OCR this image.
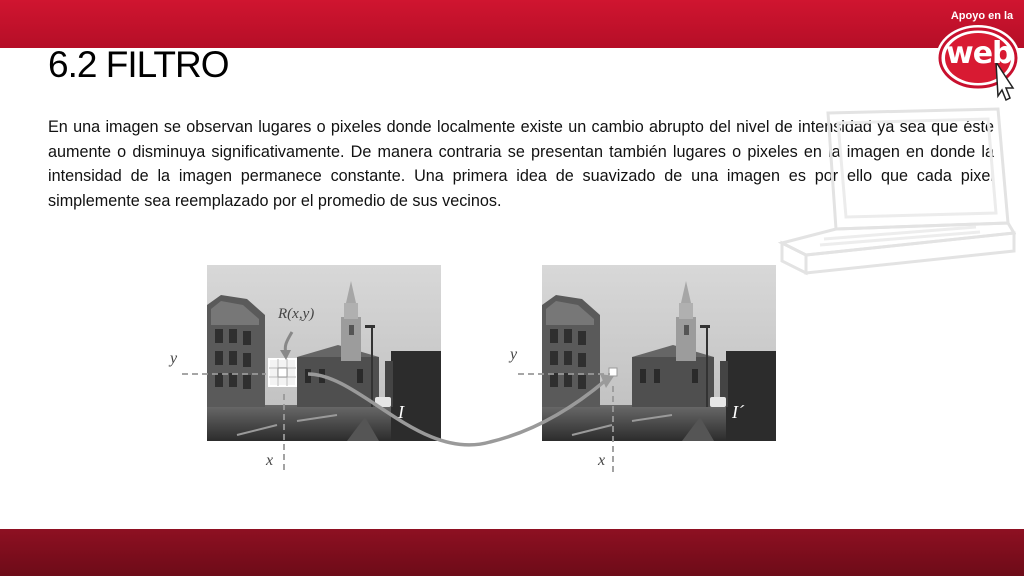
6.2 FILTRO

En una imagen se observan lugares o pixeles donde localmente existe un cambio abrupto del nivel de intensidad ya sea que éste aumente o disminuya significativamente. De manera contraria se presentan también lugares o pixeles en la imagen en donde la intensidad de la imagen permanece constante. Una primera idea de suavizado de una imagen es por ello que cada pixel simplemente sea reemplazado por el promedio de sus vecinos.

Apoyo en la
web
R(x,y)
y
x
I
y
x
I´
